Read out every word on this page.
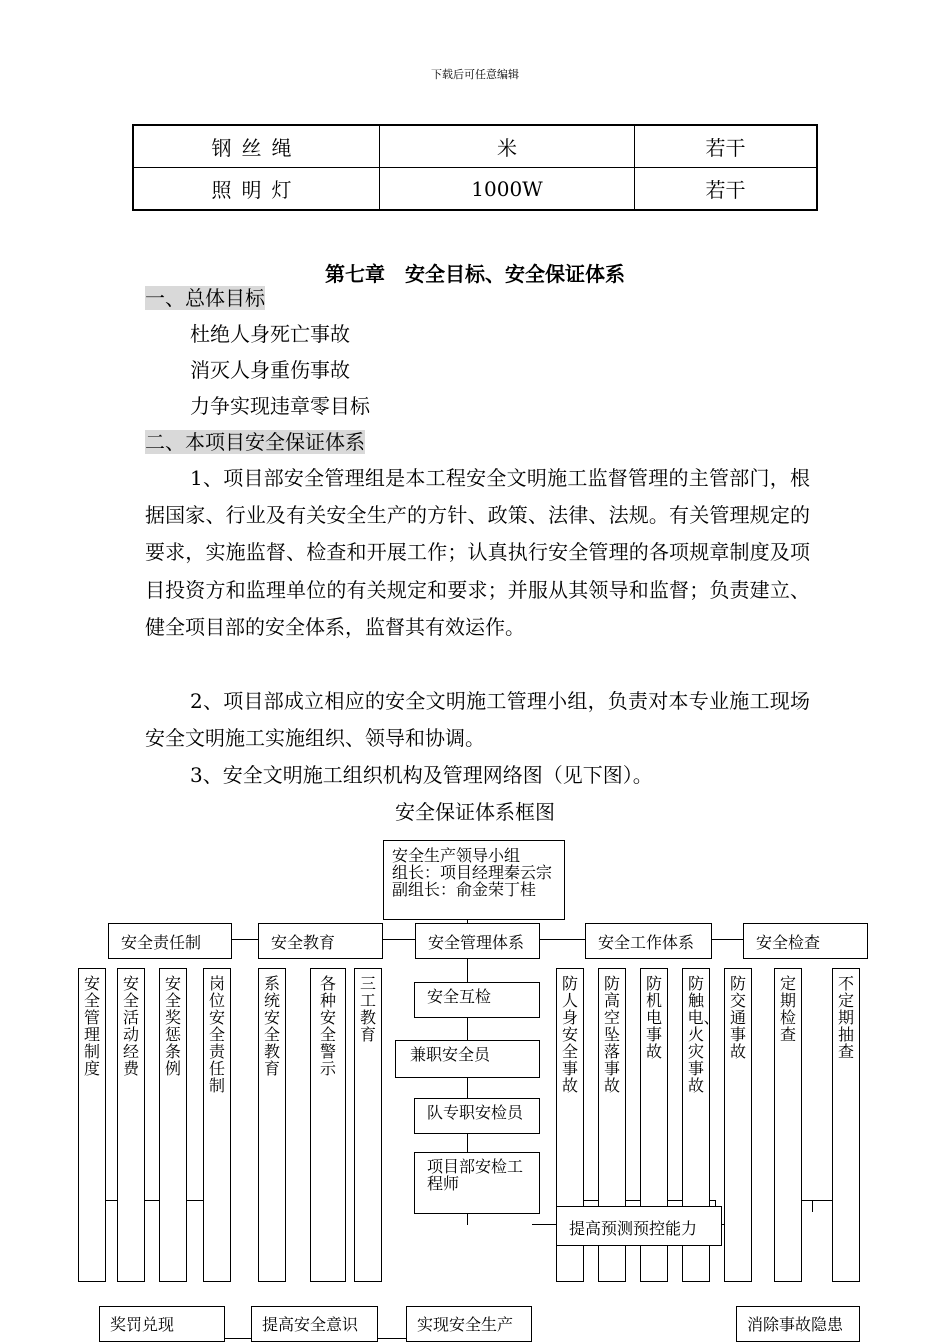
下载后可任意编辑
钢丝绳	米	若干
照明灯	1000W	若干
第七章　安全目标、安全保证体系
一、总体目标
杜绝人身死亡事故
消灭人身重伤事故
力争实现违章零目标
二、本项目安全保证体系
1、项目部安全管理组是本工程安全文明施工监督管理的主管部门，根据国家、行业及有关安全生产的方针、政策、法律、法规。有关管理规定的要求，实施监督、检查和开展工作；认真执行安全管理的各项规章制度及项目投资方和监理单位的有关规定和要求；并服从其领导和监督；负责建立、健全项目部的安全体系，监督其有效运作。
2、项目部成立相应的安全文明施工管理小组，负责对本专业施工现场安全文明施工实施组织、领导和协调。
3、安全文明施工组织机构及管理网络图（见下图）。
安全保证体系框图
安全生产领导小组
组长：项目经理秦云宗
副组长：俞金荣丁桂
安全责任制	安全教育	安全管理体系	安全工作体系	安全检查
安全管理制度
安全活动经费
安全奖惩条例
岗位安全责任制
系统安全教育
各种安全警示
三工教育
安全互检
兼职安全员
队专职安检员
项目部安检工程师
防人身安全事故
防高空坠落事故
防机电事故
防触电、火灾事故
防交通事故
定期检查
不定期抽查
提高预测预控能力
奖罚兑现	提高安全意识	实现安全生产	消除事故隐患
